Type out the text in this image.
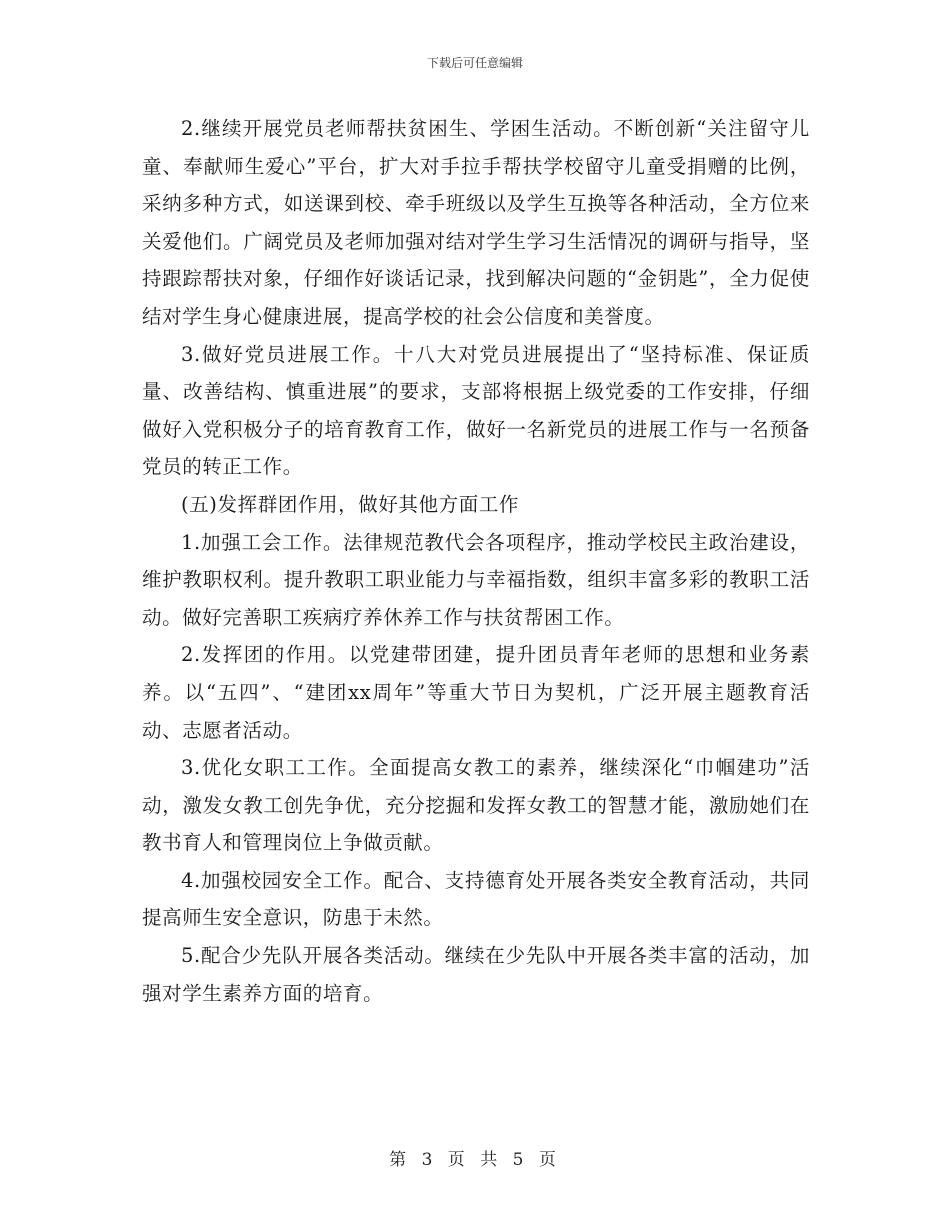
下载后可任意编辑

2.继续开展党员老师帮扶贫困生、学困生活动。不断创新“关注留守儿童、奉献师生爱心”平台，扩大对手拉手帮扶学校留守儿童受捐赠的比例，采纳多种方式，如送课到校、牵手班级以及学生互换等各种活动，全方位来关爱他们。广阔党员及老师加强对结对学生学习生活情况的调研与指导，坚持跟踪帮扶对象，仔细作好谈话记录，找到解决问题的“金钥匙”，全力促使结对学生身心健康进展，提高学校的社会公信度和美誉度。

3.做好党员进展工作。十八大对党员进展提出了“坚持标准、保证质量、改善结构、慎重进展”的要求，支部将根据上级党委的工作安排，仔细做好入党积极分子的培育教育工作，做好一名新党员的进展工作与一名预备党员的转正工作。

(五)发挥群团作用，做好其他方面工作

1.加强工会工作。法律规范教代会各项程序，推动学校民主政治建设，维护教职权利。提升教职工职业能力与幸福指数，组织丰富多彩的教职工活动。做好完善职工疾病疗养休养工作与扶贫帮困工作。

2.发挥团的作用。以党建带团建，提升团员青年老师的思想和业务素养。以“五四”、“建团xx周年”等重大节日为契机，广泛开展主题教育活动、志愿者活动。

3.优化女职工工作。全面提高女教工的素养，继续深化“巾帼建功”活动，激发女教工创先争优，充分挖掘和发挥女教工的智慧才能，激励她们在教书育人和管理岗位上争做贡献。

4.加强校园安全工作。配合、支持德育处开展各类安全教育活动，共同提高师生安全意识，防患于未然。

5.配合少先队开展各类活动。继续在少先队中开展各类丰富的活动，加强对学生素养方面的培育。

第 3 页 共 5 页
